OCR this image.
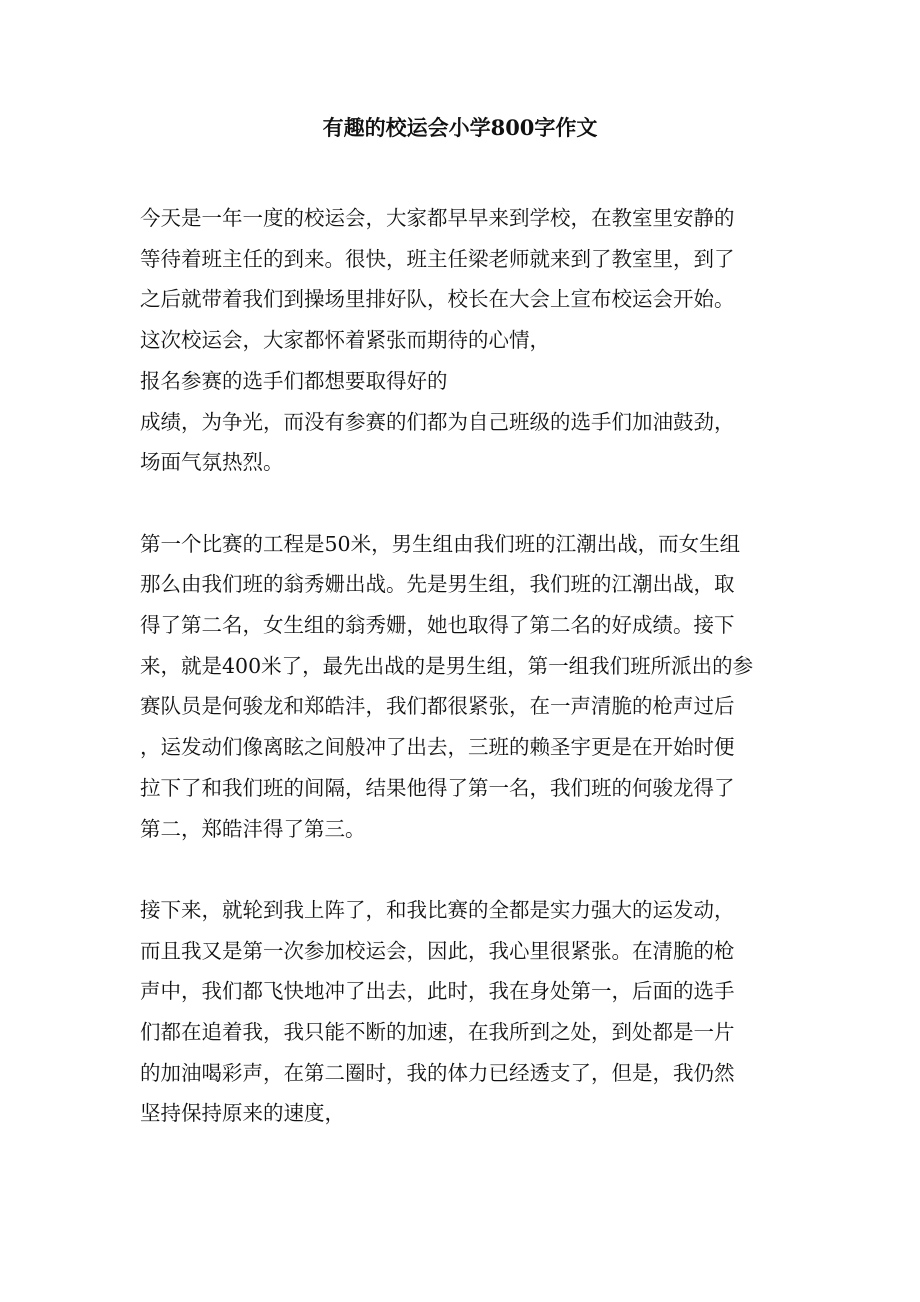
有趣的校运会小学800字作文
今天是一年一度的校运会，大家都早早来到学校，在教室里安静的
等待着班主任的到来。很快，班主任梁老师就来到了教室里，到了
之后就带着我们到操场里排好队，校长在大会上宣布校运会开始。
这次校运会，大家都怀着紧张而期待的心情，
报名参赛的选手们都想要取得好的
成绩，为争光，而没有参赛的们都为自己班级的选手们加油鼓劲，
场面气氛热烈。
第一个比赛的工程是50米，男生组由我们班的江潮出战，而女生组
那么由我们班的翁秀姗出战。先是男生组，我们班的江潮出战，取
得了第二名，女生组的翁秀姗，她也取得了第二名的好成绩。接下
来，就是400米了，最先出战的是男生组，第一组我们班所派出的参
赛队员是何骏龙和郑皓沣，我们都很紧张，在一声清脆的枪声过后
，运发动们像离眩之间般冲了出去，三班的赖圣宇更是在开始时便
拉下了和我们班的间隔，结果他得了第一名，我们班的何骏龙得了
第二，郑皓沣得了第三。
接下来，就轮到我上阵了，和我比赛的全都是实力强大的运发动，
而且我又是第一次参加校运会，因此，我心里很紧张。在清脆的枪
声中，我们都飞快地冲了出去，此时，我在身处第一，后面的选手
们都在追着我，我只能不断的加速，在我所到之处，到处都是一片
的加油喝彩声，在第二圈时，我的体力已经透支了，但是，我仍然
坚持保持原来的速度，
